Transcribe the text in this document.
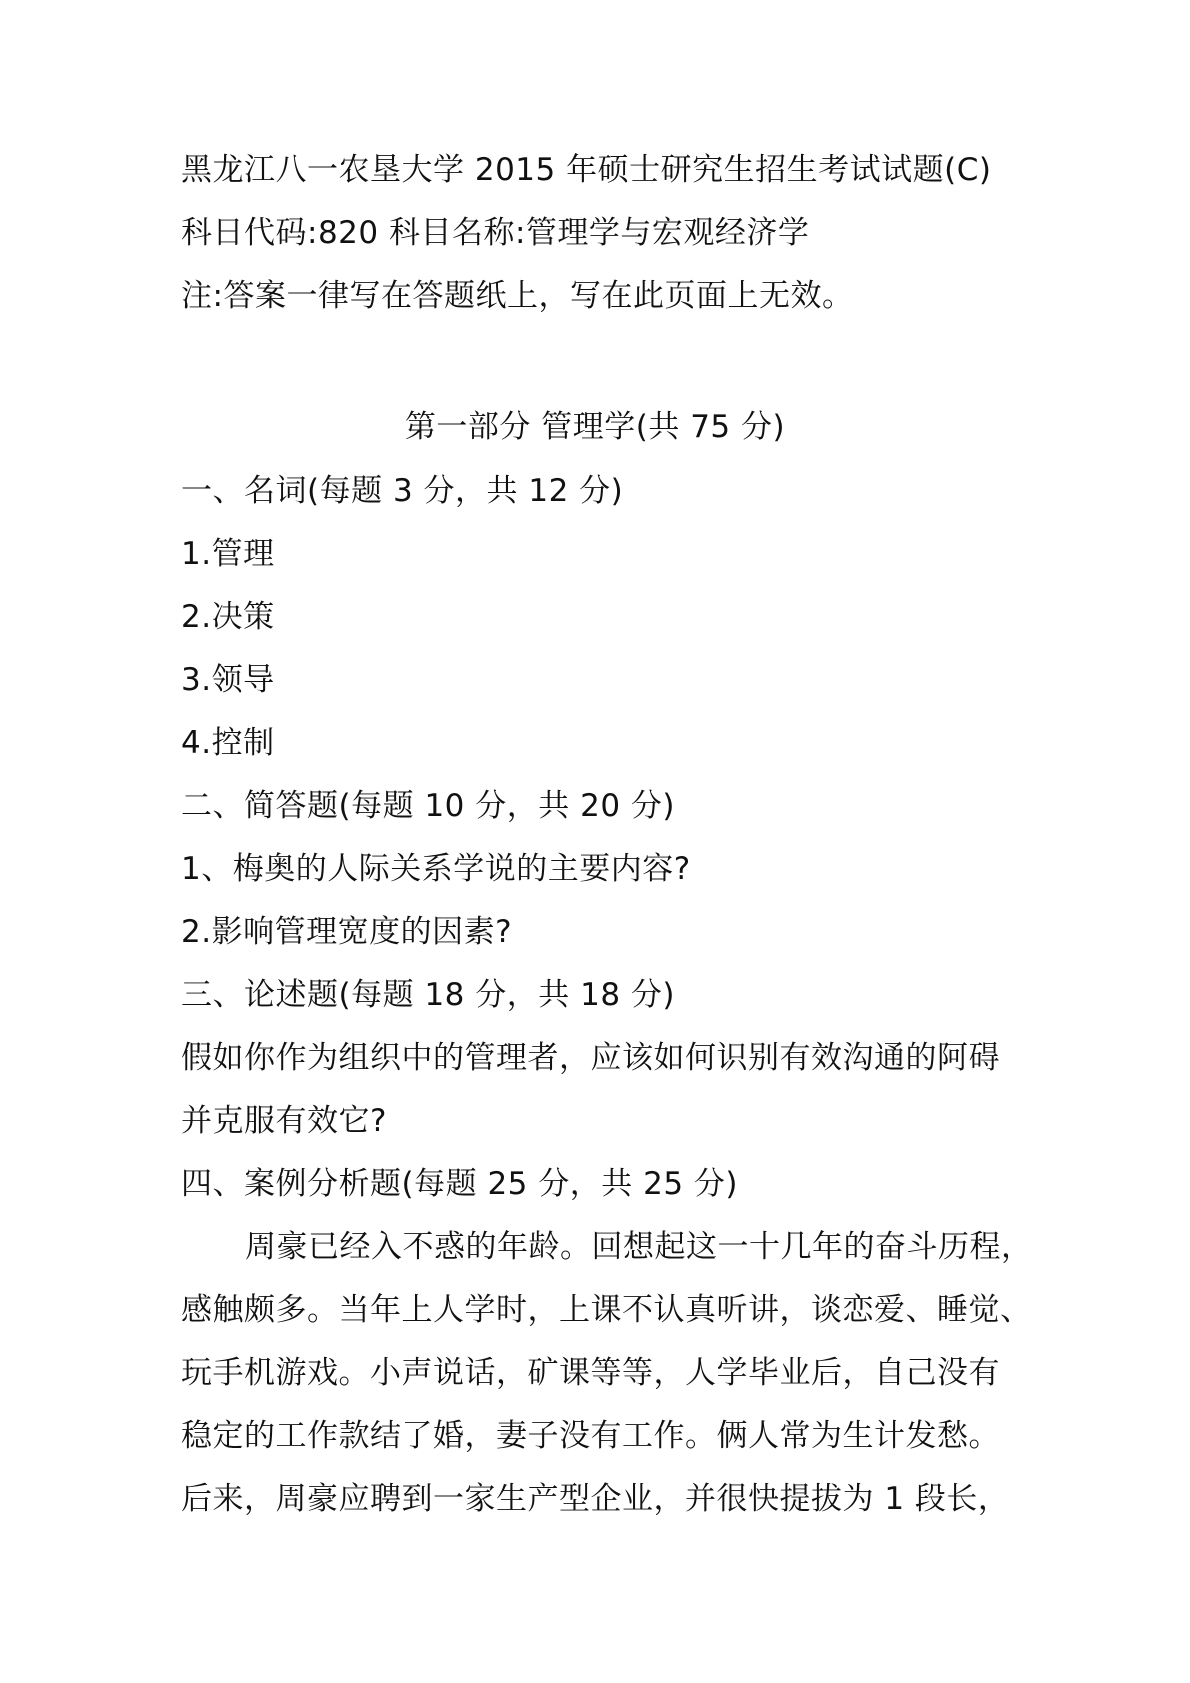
黑龙江八一农垦大学 2015 年硕士研究生招生考试试题(C)
科日代码:820 科目名称:管理学与宏观经济学
注:答案一律写在答题纸上，写在此页面上无效。
第一部分 管理学(共 75 分)
一、名词(每题 3 分，共 12 分)
1.管理
2.决策
3.领导
4.控制
二、简答题(每题 10 分，共 20 分)
1、梅奥的人际关系学说的主要内容?
2.影响管理宽度的因素?
三、论述题(每题 18 分，共 18 分)
假如你作为组织中的管理者，应该如何识别有效沟通的阿碍
并克服有效它?
四、案例分析题(每题 25 分，共 25 分)
周豪已经入不惑的年龄。回想起这一十几年的奋斗历程，
感触颇多。当年上人学时，上课不认真听讲，谈恋爱、睡觉、
玩手机游戏。小声说话，矿课等等，人学毕业后，自己没有
稳定的工作款结了婚，妻子没有工作。俩人常为生计发愁。
后来，周豪应聘到一家生产型企业，并很快提拔为 1 段长，
